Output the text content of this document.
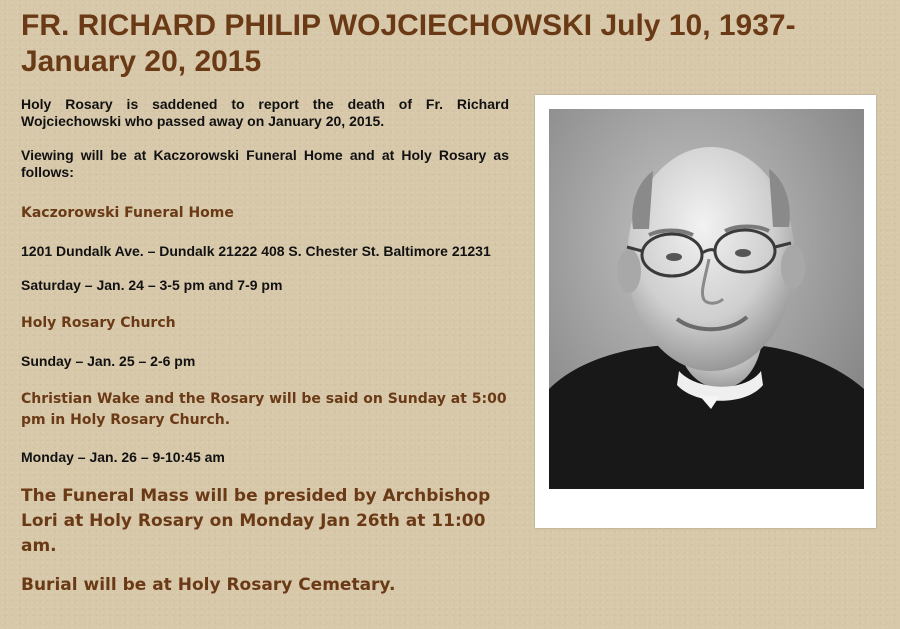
FR. RICHARD PHILIP WOJCIECHOWSKI July 10, 1937- January 20, 2015

Holy Rosary is saddened to report the death of Fr. Richard Wojciechowski who passed away on January 20, 2015.

Viewing will be at Kaczorowski Funeral Home and at Holy Rosary as follows:

Kaczorowski Funeral Home

1201 Dundalk Ave. – Dundalk 21222 408 S. Chester St. Baltimore 21231

Saturday – Jan. 24 – 3-5 pm and 7-9 pm

Holy Rosary Church

Sunday – Jan. 25 – 2-6 pm

Christian Wake and the Rosary will be said on Sunday at 5:00 pm in Holy Rosary Church.

Monday – Jan. 26 – 9-10:45 am

The Funeral Mass will be presided by Archbishop Lori at Holy Rosary on Monday Jan 26th at 11:00 am.

Burial will be at Holy Rosary Cemetary.
